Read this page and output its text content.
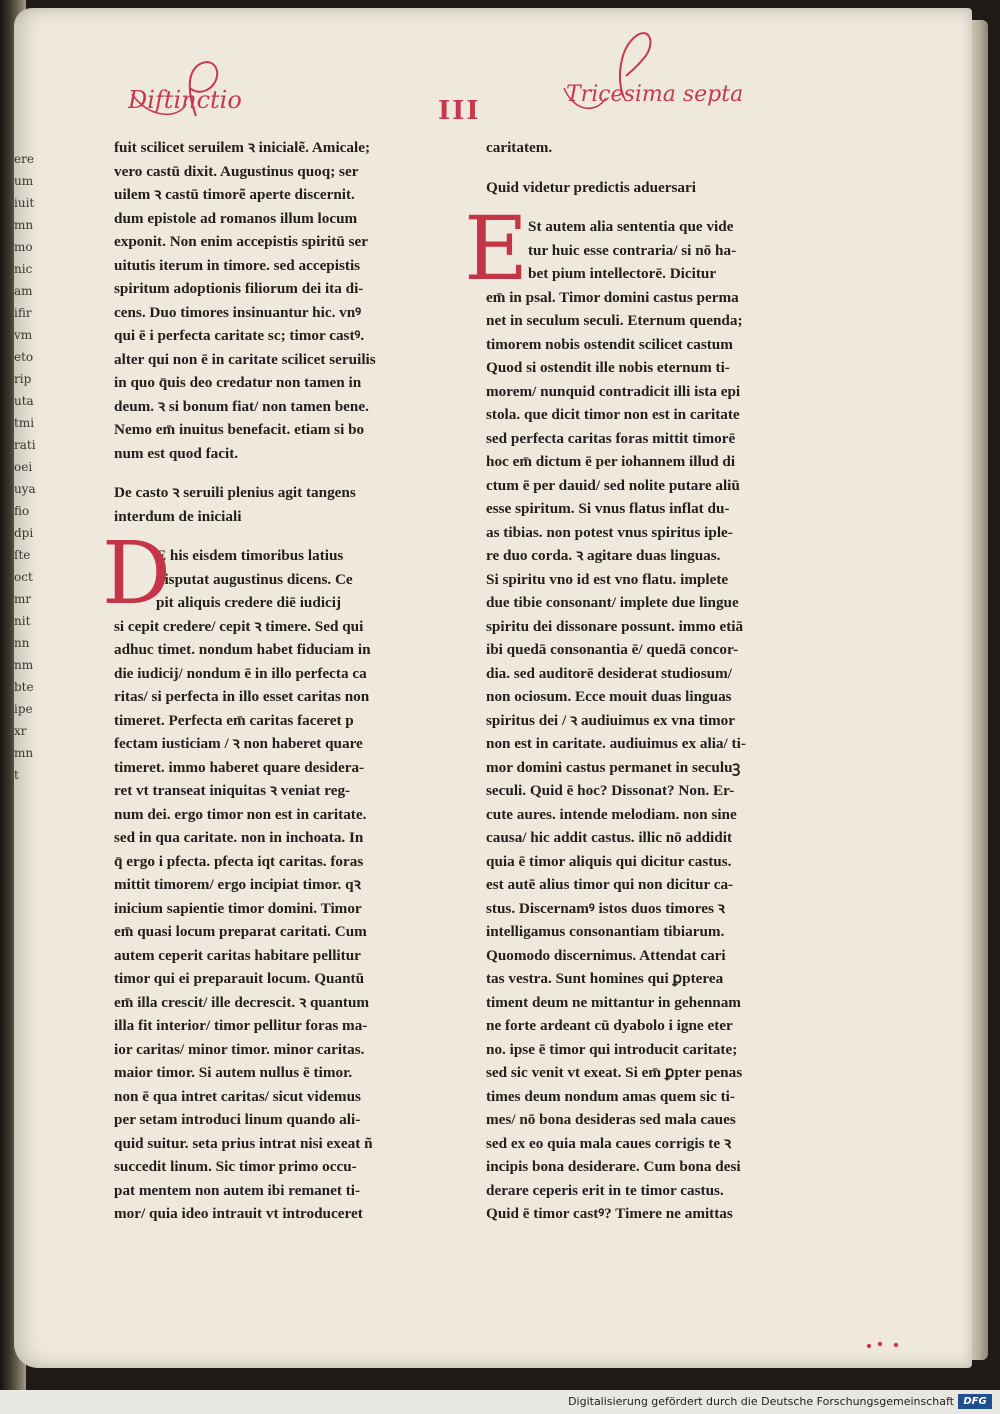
ereumiuitmnmonicamifirvmetoriputatmiratioeiuyafiodpiſteoctmrnitnnnmbteipexrmnt
Diftinctio	III
Tricesima septa
fuit scilicet seruilem ꝛ inicialẽ. Amicale;
vero castū dixit. Augustinus quoq; ser
uilem ꝛ castū timorẽ aperte discernit.
dum epistole ad romanos illum locum
exponit. Non enim accepistis spiritū ser
uitutis iterum in timore. sed accepistis
spiritum adoptionis filiorum dei ita di-
cens. Duo timores insinuantur hic. vnꝰ
qui ē i perfecta caritate sc; timor castꝰ.
alter qui non ē in caritate scilicet seruilis
in quo q̄uis deo credatur non tamen in
deum. ꝛ si bonum fiat/ non tamen bene.
Nemo em̄ inuitus benefacit. etiam si bo
num est quod facit.
De casto ꝛ seruili plenius agit tangens
interdum de iniciali
D
E his eisdem timoribus latius
disputat augustinus dicens. Ce
pit aliquis credere diē iudicij
si cepit credere/ cepit ꝛ timere. Sed qui
adhuc timet. nondum habet fiduciam in
die iudicij/ nondum ē in illo perfecta ca
ritas/ si perfecta in illo esset caritas non
timeret. Perfecta em̄ caritas faceret p
fectam iusticiam / ꝛ non haberet quare
timeret. immo haberet quare desidera-
ret vt transeat iniquitas ꝛ veniat reg-
num dei. ergo timor non est in caritate.
sed in qua caritate. non in inchoata. In
q̄ ergo i pfecta. pfecta iqt caritas. foras
mittit timorem/ ergo incipiat timor. qꝛ
inicium sapientie timor domini. Timor
em̄ quasi locum preparat caritati. Cum
autem ceperit caritas habitare pellitur
timor qui ei preparauit locum. Quantū
em̄ illa crescit/ ille decrescit. ꝛ quantum
illa fit interior/ timor pellitur foras ma-
ior caritas/ minor timor. minor caritas.
maior timor. Si autem nullus ē timor.
non ē qua intret caritas/ sicut videmus
per setam introduci linum quando ali-
quid suitur. seta prius intrat nisi exeat ñ
succedit linum. Sic timor primo occu-
pat mentem non autem ibi remanet ti-
mor/ quia ideo intrauit vt introduceret
caritatem.
Quid videtur predictis aduersari
E St autem alia sententia que vide
tur huic esse contraria/ si nō ha-
bet pium intellectorē. Dicitur
em̄ in psal. Timor domini castus perma
net in seculum seculi. Eternum quenda;
timorem nobis ostendit scilicet castum
Quod si ostendit ille nobis eternum ti-
morem/ nunquid contradicit illi ista epi
stola. que dicit timor non est in caritate
sed perfecta caritas foras mittit timorē
hoc em̄ dictum ē per iohannem illud di
ctum ē per dauid/ sed nolite putare aliū
esse spiritum. Si vnus flatus inflat du-
as tibias. non potest vnus spiritus iple-
re duo corda. ꝛ agitare duas linguas.
Si spiritu vno id est vno flatu. implete
due tibie consonant/ implete due lingue
spiritu dei dissonare possunt. immo etiā
ibi quedā consonantia ē/ quedā concor-
dia. sed auditorē desiderat studiosum/
non ociosum. Ecce mouit duas linguas
spiritus dei / ꝛ audiuimus ex vna timor
non est in caritate. audiuimus ex alia/ ti-
mor domini castus permanet in seculuꝫ
seculi. Quid ē hoc? Dissonat? Non. Er-
cute aures. intende melodiam. non sine
causa/ hic addit castus. illic nō addidit
quia ē timor aliquis qui dicitur castus.
est autē alius timor qui non dicitur ca-
stus. Discernamꝰ istos duos timores ꝛ
intelligamus consonantiam tibiarum.
Quomodo discernimus. Attendat cari
tas vestra. Sunt homines qui ꝑpterea
timent deum ne mittantur in gehennam
ne forte ardeant cū dyabolo i igne eter
no. ipse ē timor qui introducit caritate;
sed sic venit vt exeat. Si em̄ ꝑpter penas
times deum nondum amas quem sic ti-
mes/ nō bona desideras sed mala caues
sed ex eo quia mala caues corrigis te ꝛ
incipis bona desiderare. Cum bona desi
derare ceperis erit in te timor castus.
Quid ē timor castꝰ? Timere ne amittas
Digitalisierung gefördert durch die Deutsche Forschungsgemeinschaft DFG
